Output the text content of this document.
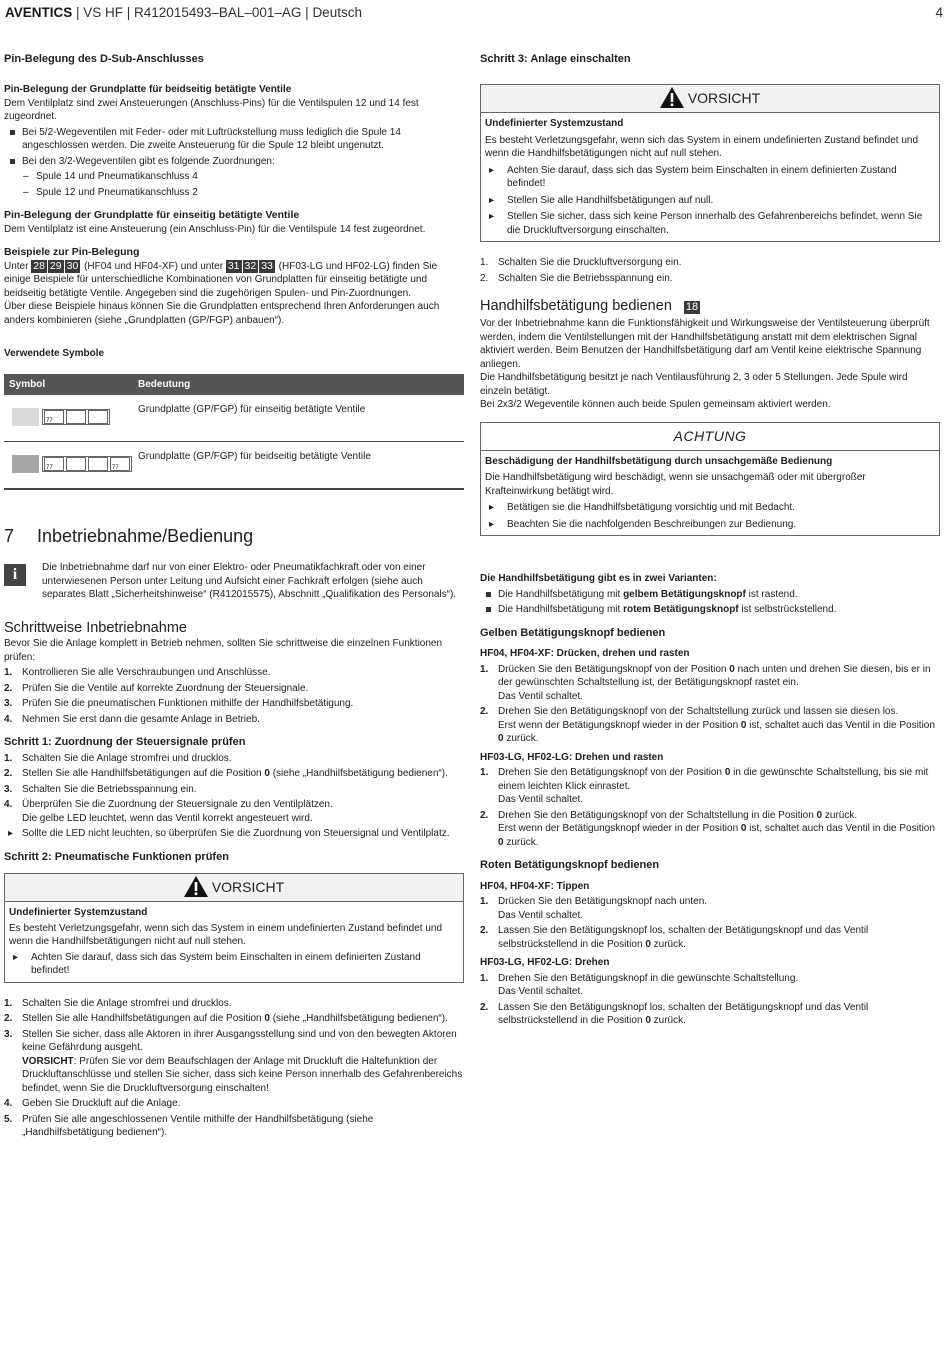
AVENTICS | VS HF | R412015493–BAL–001–AG | Deutsch	4
Pin-Belegung des D-Sub-Anschlusses
Pin-Belegung der Grundplatte für beidseitig betätigte Ventile

Dem Ventilplatz sind zwei Ansteuerungen (Anschluss-Pins) für die Ventilspulen 12 und 14 fest zugeordnet.

Bei 5/2-Wegeventilen mit Feder- oder mit Luftrückstellung muss lediglich die Spule 14 angeschlossen werden. Die zweite Ansteuerung für die Spule 12 bleibt ungenutzt.

Bei den 3/2-Wegeventilen gibt es folgende Zuordnungen:

– Spule 14 und Pneumatikanschluss 4

– Spule 12 und Pneumatikanschluss 2

Pin-Belegung der Grundplatte für einseitig betätigte Ventile

Dem Ventilplatz ist eine Ansteuerung (ein Anschluss-Pin) für die Ventilspule 14 fest zugeordnet.

Beispiele zur Pin-Belegung

Unter 28 29 30 (HF04 und HF04-XF) und unter 31 32 33 (HF03-LG und HF02-LG) finden Sie einige Beispiele für unterschiedliche Kombinationen von Grundplatten für einseitig betätigte und beidseitig betätigte Ventile. Angegeben sind die zugehörigen Spulen- und Pin-Zuordnungen.

Über diese Beispiele hinaus können Sie die Grundplatten entsprechend Ihren Anforderungen auch anders kombinieren (siehe „Grundplatten (GP/FGP) anbauen“).

Verwendete Symbole
Symbol	Bedeutung
77
Grundplatte (GP/FGP) für einseitig betätigte Ventile
7777
Grundplatte (GP/FGP) für beidseitig betätigte Ventile
7 Inbetriebnahme/Bedienung
i	Die Inbetriebnahme darf nur von einer Elektro- oder Pneumatikfachkraft oder von einer unterwiesenen Person unter Leitung und Aufsicht einer Fachkraft erfolgen (siehe auch separates Blatt „Sicherheitshinweise“ (R412015575), Abschnitt „Qualifikation des Personals“).

Schrittweise Inbetriebnahme

Bevor Sie die Anlage komplett in Betrieb nehmen, sollten Sie schrittweise die einzelnen Funktionen prüfen:

1. Kontrollieren Sie alle Verschraubungen und Anschlüsse.

2. Prüfen Sie die Ventile auf korrekte Zuordnung der Steuersignale.

3. Prüfen Sie die pneumatischen Funktionen mithilfe der Handhilfsbetätigung.

4. Nehmen Sie erst dann die gesamte Anlage in Betrieb.

Schritt 1: Zuordnung der Steuersignale prüfen

1. Schalten Sie die Anlage stromfrei und drucklos.

2. Stellen Sie alle Handhilfsbetätigungen auf die Position 0 (siehe „Handhilfsbetätigung bedienen“).

3. Schalten Sie die Betriebsspannung ein.

4. Überprüfen Sie die Zuordnung der Steuersignale zu den Ventilplätzen.
Die gelbe LED leuchtet, wenn das Ventil korrekt angesteuert wird.

▸ Sollte die LED nicht leuchten, so überprüfen Sie die Zuordnung von Steuersignal und Ventilplatz.

Schritt 2: Pneumatische Funktionen prüfen
VORSICHT
Undefinierter Systemzustand

Es besteht Verletzungsgefahr, wenn sich das System in einem undefinierten Zustand befindet und wenn die Handhilfsbetätigungen nicht auf null stehen.

▸ Achten Sie darauf, dass sich das System beim Einschalten in einem definierten Zustand befindet!

1. Schalten Sie die Anlage stromfrei und drucklos.

2. Stellen Sie alle Handhilfsbetätigungen auf die Position 0 (siehe „Handhilfsbetätigung bedienen“).

3. Stellen Sie sicher, dass alle Aktoren in ihrer Ausgangsstellung sind und von den bewegten Aktoren keine Gefährdung ausgeht.
VORSICHT: Prüfen Sie vor dem Beaufschlagen der Anlage mit Druckluft die Haltefunktion der Druckluftanschlüsse und stellen Sie sicher, dass sich keine Person innerhalb des Gefahrenbereichs befindet, wenn Sie die Druckluftversorgung einschalten!

4. Geben Sie Druckluft auf die Anlage.

5. Prüfen Sie alle angeschlossenen Ventile mithilfe der Handhilfsbetätigung (siehe „Handhilfsbetätigung bedienen“).

Schritt 3: Anlage einschalten
VORSICHT
Undefinierter Systemzustand

Es besteht Verletzungsgefahr, wenn sich das System in einem undefinierten Zustand befindet und wenn die Handhilfsbetätigungen nicht auf null stehen.

▸ Achten Sie darauf, dass sich das System beim Einschalten in einem definierten Zustand befindet!

▸ Stellen Sie alle Handhilfsbetätigungen auf null.

▸ Stellen Sie sicher, dass sich keine Person innerhalb des Gefahrenbereichs befindet, wenn Sie die Druckluftversorgung einschalten.

1. Schalten Sie die Druckluftversorgung ein.

2. Schalten Sie die Betriebsspannung ein.

Handhilfsbetätigung bedienen 18

Vor der Inbetriebnahme kann die Funktionsfähigkeit und Wirkungsweise der Ventilsteuerung überprüft werden, indem die Ventilstellungen mit der Handhilfsbetätigung anstatt mit dem elektrischen Signal aktiviert werden. Beim Benutzen der Handhilfsbetätigung darf am Ventil keine elektrische Spannung anliegen.

Die Handhilfsbetätigung besitzt je nach Ventilausführung 2, 3 oder 5 Stellungen. Jede Spule wird einzeln betätigt.

Bei 2x3/2 Wegeventile können auch beide Spulen gemeinsam aktiviert werden.

ACHTUNG
Beschädigung der Handhilfsbetätigung durch unsachgemäße Bedienung

Die Handhilfsbetätigung wird beschädigt, wenn sie unsachgemäß oder mit übergroßer Krafteinwirkung betätigt wird.

▸ Betätigen sie die Handhilfsbetätigung vorsichtig und mit Bedacht.

▸ Beachten Sie die nachfolgenden Beschreibungen zur Bedienung.

Die Handhilfsbetätigung gibt es in zwei Varianten:

Die Handhilfsbetätigung mit gelbem Betätigungsknopf ist rastend.

Die Handhilfsbetätigung mit rotem Betätigungsknopf ist selbstrückstellend.

Gelben Betätigungsknopf bedienen
HF04, HF04-XF: Drücken, drehen und rasten

1. Drücken Sie den Betätigungsknopf von der Position 0 nach unten und drehen Sie diesen, bis er in der gewünschten Schaltstellung ist, der Betätigungsknopf rastet ein.
Das Ventil schaltet.

2. Drehen Sie den Betätigungsknopf von der Schaltstellung zurück und lassen sie diesen los.
Erst wenn der Betätigungsknopf wieder in der Position 0 ist, schaltet auch das Ventil in die Position 0 zurück.

HF03-LG, HF02-LG: Drehen und rasten

1. Drehen Sie den Betätigungsknopf von der Position 0 in die gewünschte Schaltstellung, bis sie mit einem leichten Klick einrastet.
Das Ventil schaltet.

2. Drehen Sie den Betätigungsknopf von der Schaltstellung in die Position 0 zurück.
Erst wenn der Betätigungsknopf wieder in der Position 0 ist, schaltet auch das Ventil in die Position 0 zurück.

Roten Betätigungsknopf bedienen
HF04, HF04-XF: Tippen

1. Drücken Sie den Betätigungsknopf nach unten.
Das Ventil schaltet.

2. Lassen Sie den Betätigungsknopf los, schalten der Betätigungsknopf und das Ventil selbstrückstellend in die Position 0 zurück.

HF03-LG, HF02-LG: Drehen

1. Drehen Sie den Betätigungsknopf in die gewünschte Schaltstellung.
Das Ventil schaltet.

2. Lassen Sie den Betätigungsknopf los, schalten der Betätigungsknopf und das Ventil selbstrückstellend in die Position 0 zurück.
